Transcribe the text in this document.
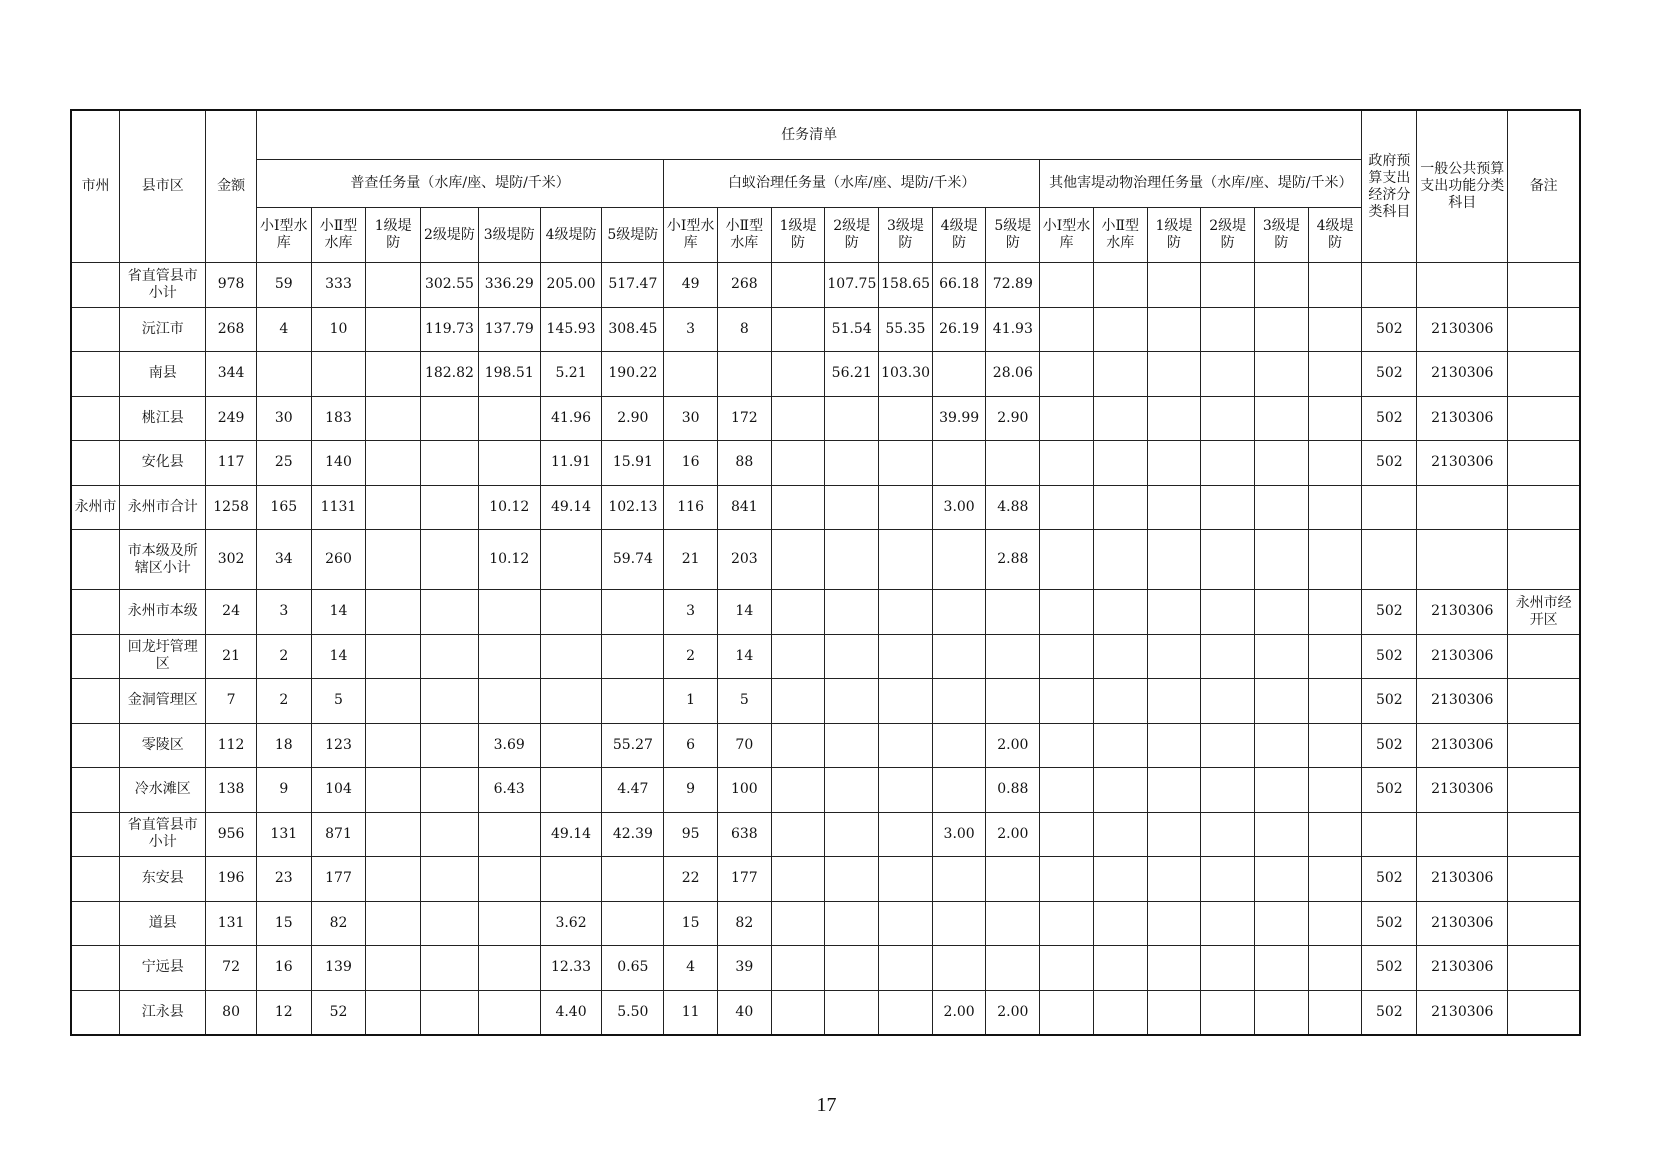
市州	县市区	金额	任务清单																				政府预算支出经济分类科目	一般公共预算支出功能分类科目	备注
			普查任务量（水库/座、堤防/千米）							白蚁治理任务量（水库/座、堤防/千米）							其他害堤动物治理任务量（水库/座、堤防/千米）								
			小Ⅰ型水库	小Ⅱ型水库	1级堤防	2级堤防	3级堤防	4级堤防	5级堤防	小Ⅰ型水库	小Ⅱ型水库	1级堤防	2级堤防	3级堤防	4级堤防	5级堤防	小Ⅰ型水库	小Ⅱ型水库	1级堤防	2级堤防	3级堤防	4级堤防			
	省直管县市小计	978	59	333		302.55	336.29	205.00	517.47	49	268		107.75	158.65	66.18	72.89									
	沅江市	268	4	10		119.73	137.79	145.93	308.45	3	8		51.54	55.35	26.19	41.93							502	2130306	
	南县	344				182.82	198.51	5.21	190.22				56.21	103.30		28.06							502	2130306	
	桃江县	249	30	183				41.96	2.90	30	172				39.99	2.90							502	2130306	
	安化县	117	25	140				11.91	15.91	16	88												502	2130306	
永州市	永州市合计	1258	165	1131			10.12	49.14	102.13	116	841				3.00	4.88									
	市本级及所辖区小计	302	34	260			10.12		59.74	21	203					2.88									
	永州市本级	24	3	14						3	14												502	2130306	永州市经开区
	回龙圩管理区	21	2	14						2	14												502	2130306	
	金洞管理区	7	2	5						1	5												502	2130306	
	零陵区	112	18	123			3.69		55.27	6	70					2.00							502	2130306	
	冷水滩区	138	9	104			6.43		4.47	9	100					0.88							502	2130306	
	省直管县市小计	956	131	871				49.14	42.39	95	638				3.00	2.00									
	东安县	196	23	177						22	177												502	2130306	
	道县	131	15	82				3.62		15	82												502	2130306	
	宁远县	72	16	139				12.33	0.65	4	39												502	2130306	
	江永县	80	12	52				4.40	5.50	11	40				2.00	2.00							502	2130306	
17
